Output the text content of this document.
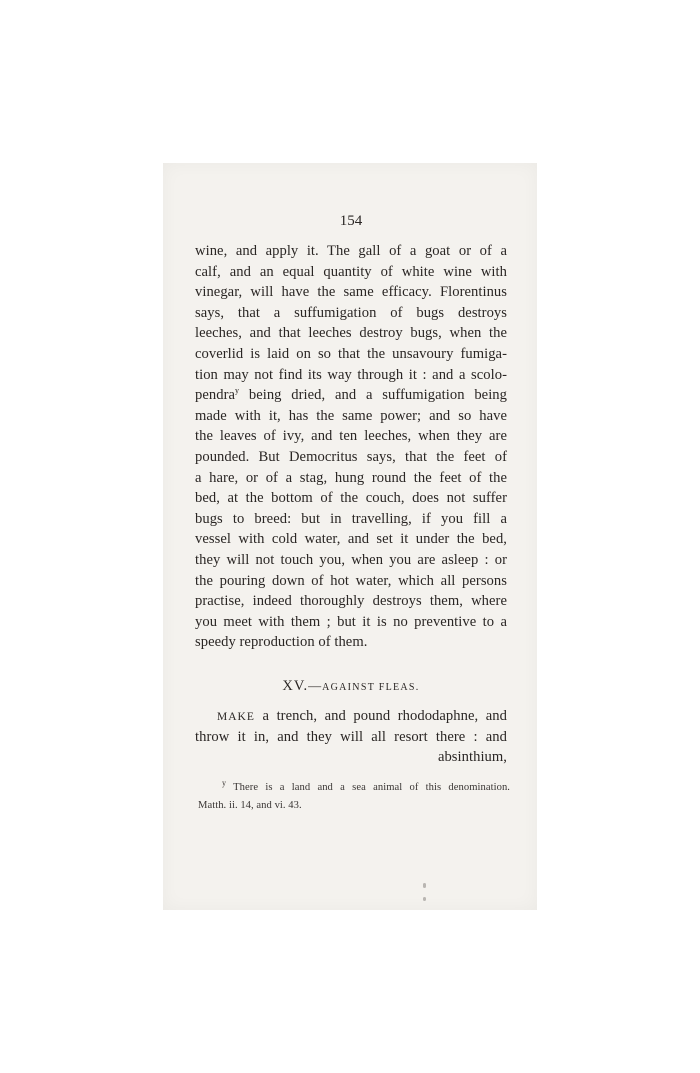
154
wine, and apply it. The gall of a goat or of a
calf, and an equal quantity of white wine with
vinegar, will have the same efficacy. Florentinus
says, that a suffumigation of bugs destroys
leeches, and that leeches destroy bugs, when the
coverlid is laid on so that the unsavoury fumiga-
tion may not find its way through it : and a scolo-
pendra$^y$ being dried, and a suffumigation being
made with it, has the same power; and so have
the leaves of ivy, and ten leeches, when they are
pounded. But Democritus says, that the feet of
a hare, or of a stag, hung round the feet of the
bed, at the bottom of the couch, does not suffer
bugs to breed: but in travelling, if you fill a
vessel with cold water, and set it under the bed,
they will not touch you, when you are asleep : or
the pouring down of hot water, which all persons
practise, indeed thoroughly destroys them, where
you meet with them ; but it is no preventive to a
speedy reproduction of them.
XV.—AGAINST FLEAS.
MAKE a trench, and pound rhododaphne, and
throw it in, and they will all resort there : and
absinthium,
$^y$ There is a land and a sea animal of this denomination.
Matth. ii. 14, and vi. 43.
